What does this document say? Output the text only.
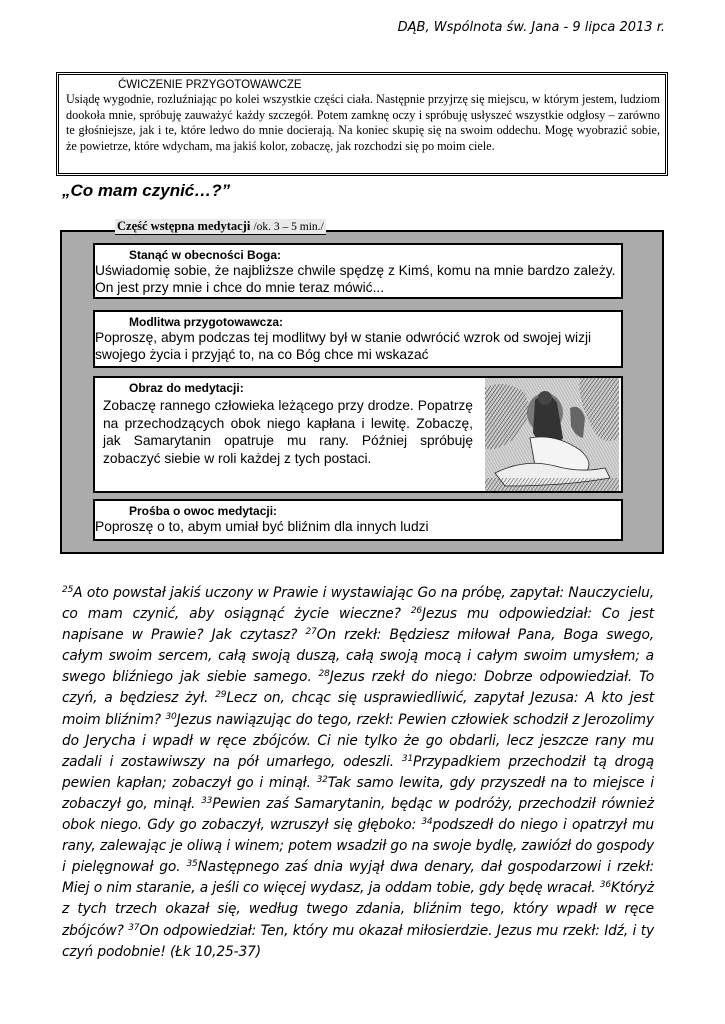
DĄB, Wspólnota św. Jana - 9 lipca 2013 r.
ĆWICZENIE PRZYGOTOWAWCZE
Usiądę wygodnie, rozluźniając po kolei wszystkie części ciała. Następnie przyjrzę się miejscu, w którym jestem, ludziom dookoła mnie, spróbuję zauważyć każdy szczegół. Potem zamknę oczy i spróbuję usłyszeć wszystkie odgłosy – zarówno te głośniejsze, jak i te, które ledwo do mnie docierają. Na koniec skupię się na swoim oddechu. Mogę wyobrazić sobie, że powietrze, które wdycham, ma jakiś kolor, zobaczę, jak rozchodzi się po moim ciele.
„Co mam czynić…?”
Część wstępna medytacji /ok. 3 – 5 min./
Stanąć w obecności Boga:
Uświadomię sobie, że najbliższe chwile spędzę z Kimś, komu na mnie bardzo zależy. On jest przy mnie i chce do mnie teraz mówić...
Modlitwa przygotowawcza:
Poproszę, abym podczas tej modlitwy był w stanie odwrócić wzrok od swojej wizji swojego życia i przyjąć to, na co Bóg chce mi wskazać
Obraz do medytacji:
Zobaczę rannego człowieka leżącego przy drodze. Popatrzę na przechodzących obok niego kapłana i lewitę. Zobaczę, jak Samarytanin opatruje mu rany. Później spróbuję zobaczyć siebie w roli każdej z tych postaci.
Prośba o owoc medytacji:
Poproszę o to, abym umiał być bliźnim dla innych ludzi
$^{25}$A oto powstał jakiś uczony w Prawie i wystawiając Go na próbę, zapytał: Nauczycielu, co mam czynić, aby osiągnąć życie wieczne? $^{26}$Jezus mu odpowiedział: Co jest napisane w Prawie? Jak czytasz? $^{27}$On rzekł: Będziesz miłował Pana, Boga swego, całym swoim sercem, całą swoją duszą, całą swoją mocą i całym swoim umysłem; a swego bliźniego jak siebie samego. $^{28}$Jezus rzekł do niego: Dobrze odpowiedział. To czyń, a będziesz żył. $^{29}$Lecz on, chcąc się usprawiedliwić, zapytał Jezusa: A kto jest moim bliźnim? $^{30}$Jezus nawiązując do tego, rzekł: Pewien człowiek schodził z Jerozolimy do Jerycha i wpadł w ręce zbójców. Ci nie tylko że go obdarli, lecz jeszcze rany mu zadali i zostawiwszy na pół umarłego, odeszli. $^{31}$Przypadkiem przechodził tą drogą pewien kapłan; zobaczył go i minął. $^{32}$Tak samo lewita, gdy przyszedł na to miejsce i zobaczył go, minął. $^{33}$Pewien zaś Samarytanin, będąc w podróży, przechodził również obok niego. Gdy go zobaczył, wzruszył się głęboko: $^{34}$podszedł do niego i opatrzył mu rany, zalewając je oliwą i winem; potem wsadził go na swoje bydlę, zawiózł do gospody i pielęgnował go. $^{35}$Następnego zaś dnia wyjął dwa denary, dał gospodarzowi i rzekł: Miej o nim staranie, a jeśli co więcej wydasz, ja oddam tobie, gdy będę wracał. $^{36}$Któryż z tych trzech okazał się, według twego zdania, bliźnim tego, który wpadł w ręce zbójców? $^{37}$On odpowiedział: Ten, który mu okazał miłosierdzie. Jezus mu rzekł: Idź, i ty czyń podobnie! (Łk 10,25-37)
